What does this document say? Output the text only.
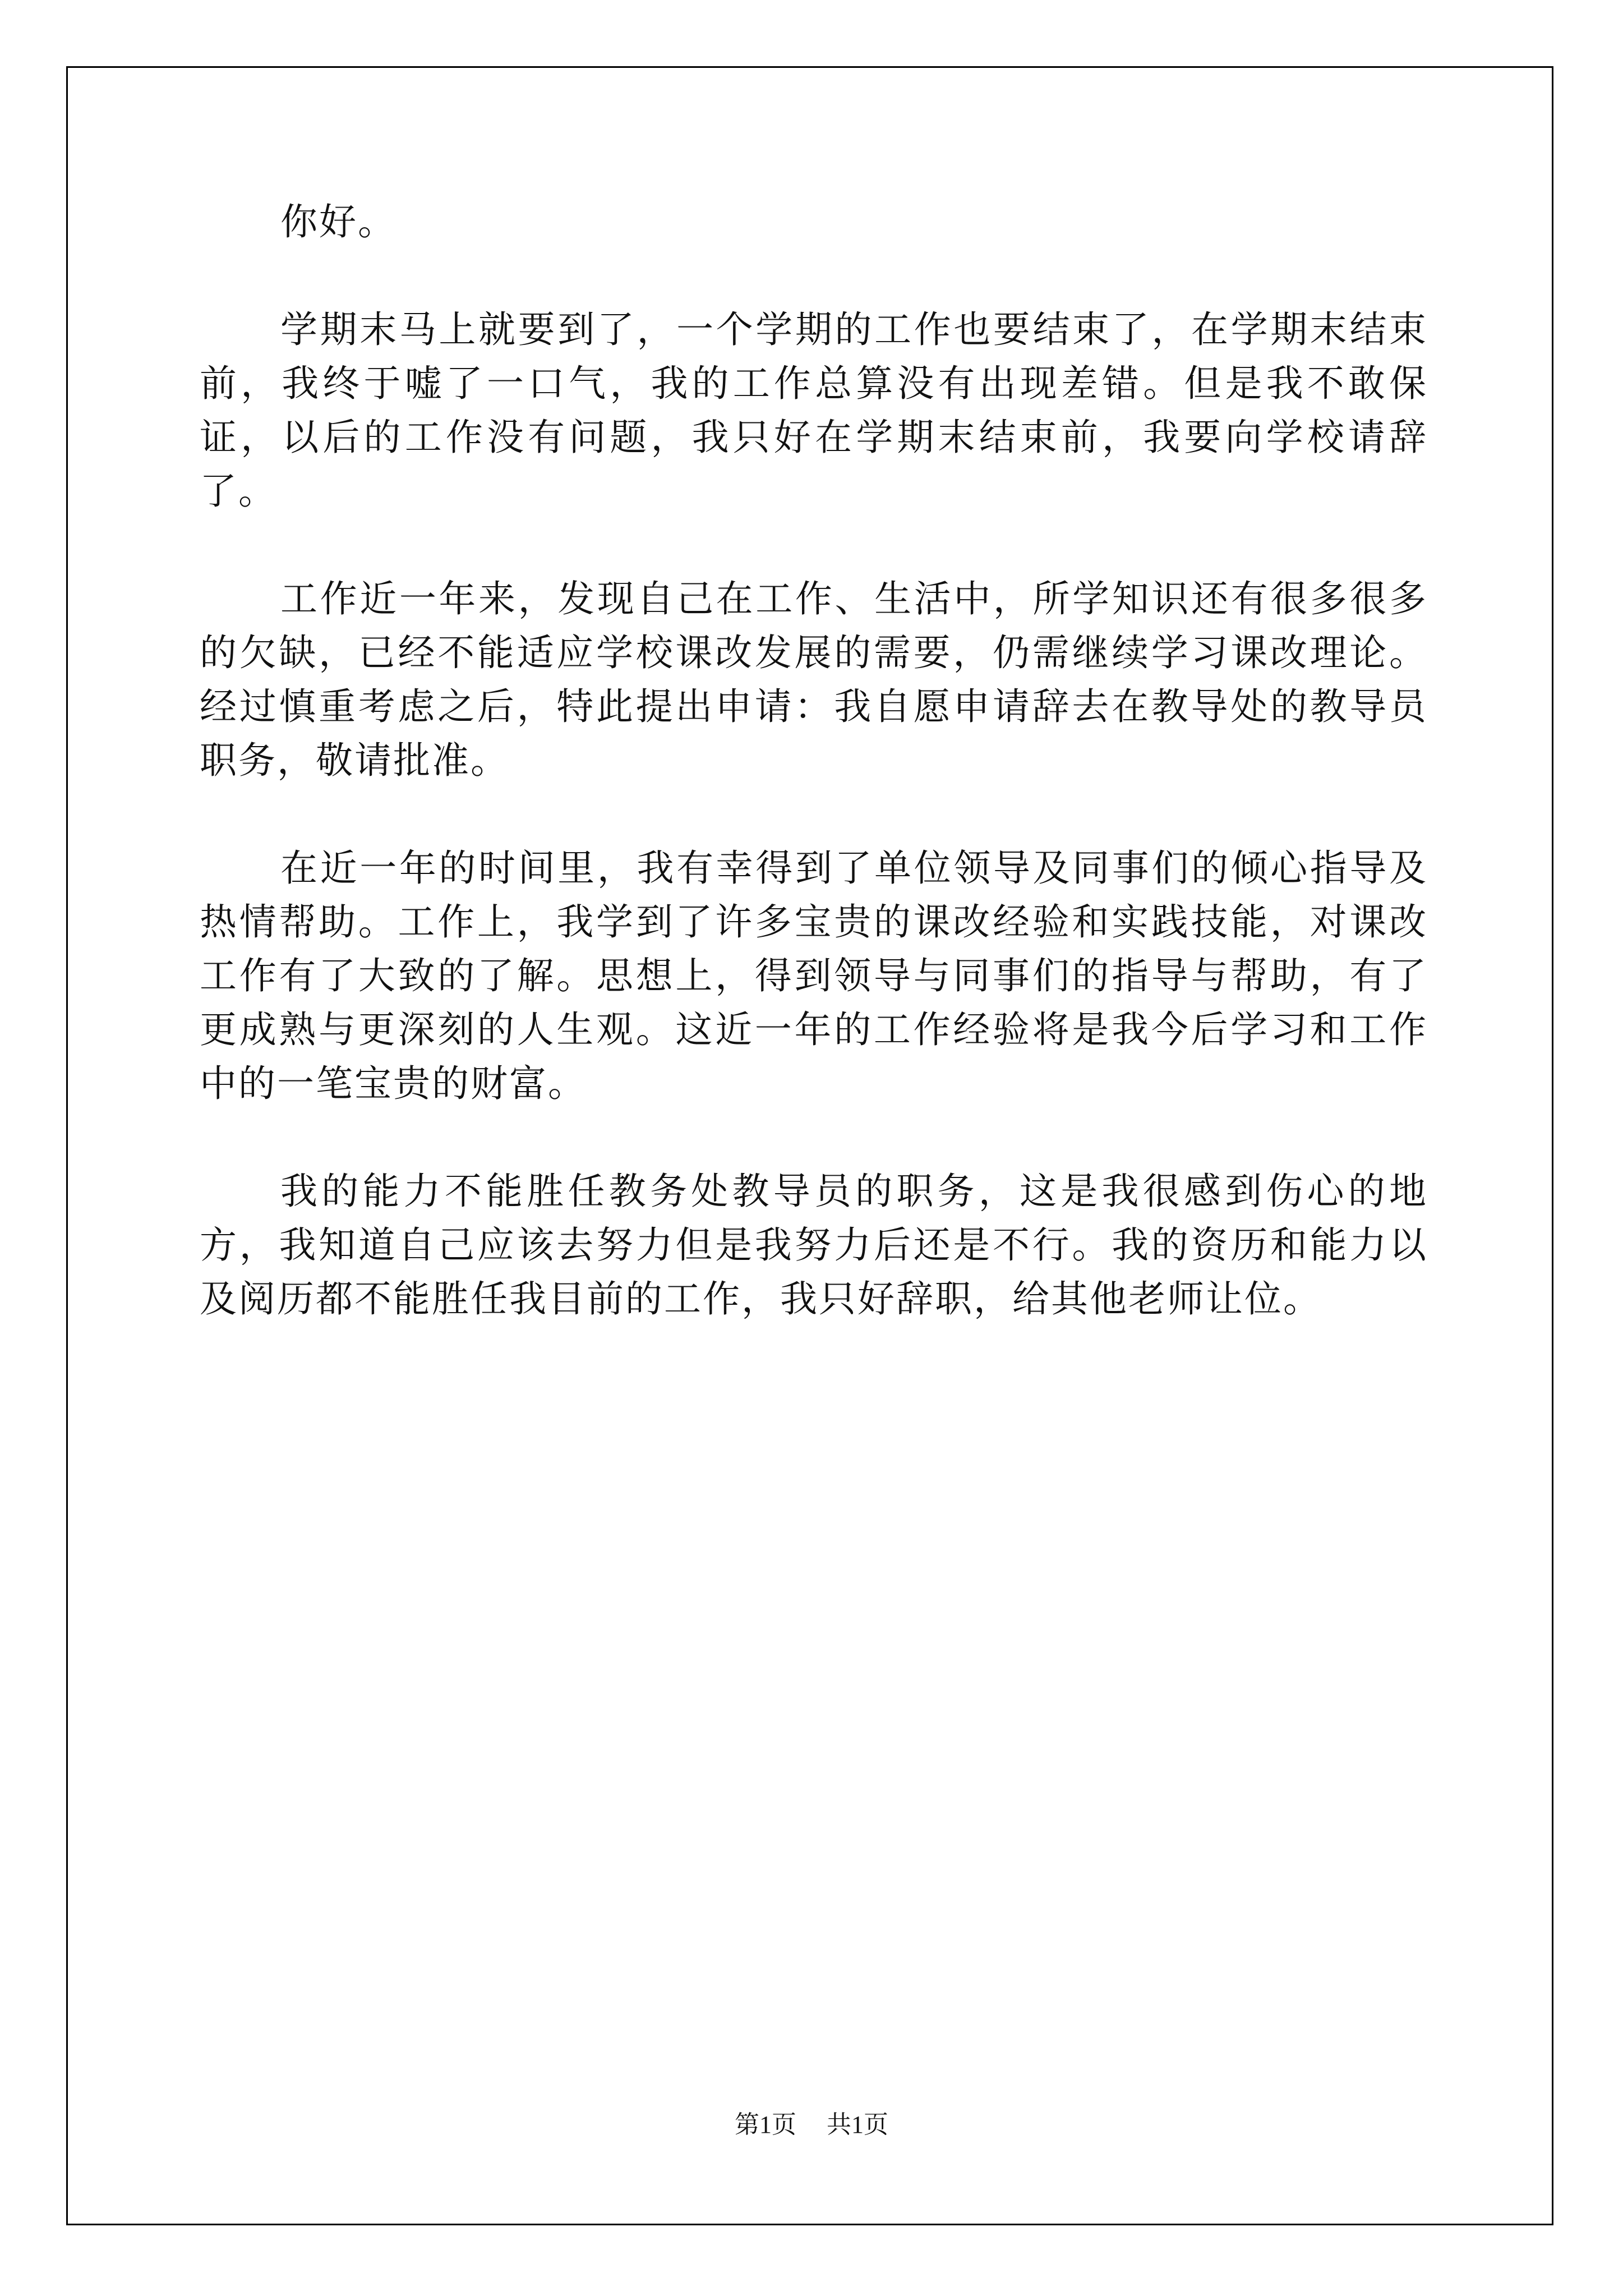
你好。

学期末马上就要到了，一个学期的工作也要结束了，在学期末结束前，我终于嘘了一口气，我的工作总算没有出现差错。但是我不敢保证，以后的工作没有问题，我只好在学期末结束前，我要向学校请辞了。

工作近一年来，发现自己在工作、生活中，所学知识还有很多很多的欠缺，已经不能适应学校课改发展的需要，仍需继续学习课改理论。经过慎重考虑之后，特此提出申请：我自愿申请辞去在教导处的教导员职务，敬请批准。

在近一年的时间里，我有幸得到了单位领导及同事们的倾心指导及热情帮助。工作上，我学到了许多宝贵的课改经验和实践技能，对课改工作有了大致的了解。思想上，得到领导与同事们的指导与帮助，有了更成熟与更深刻的人生观。这近一年的工作经验将是我今后学习和工作中的一笔宝贵的财富。

我的能力不能胜任教务处教导员的职务，这是我很感到伤心的地方，我知道自己应该去努力但是我努力后还是不行。我的资历和能力以及阅历都不能胜任我目前的工作，我只好辞职，给其他老师让位。

第1页 共1页
